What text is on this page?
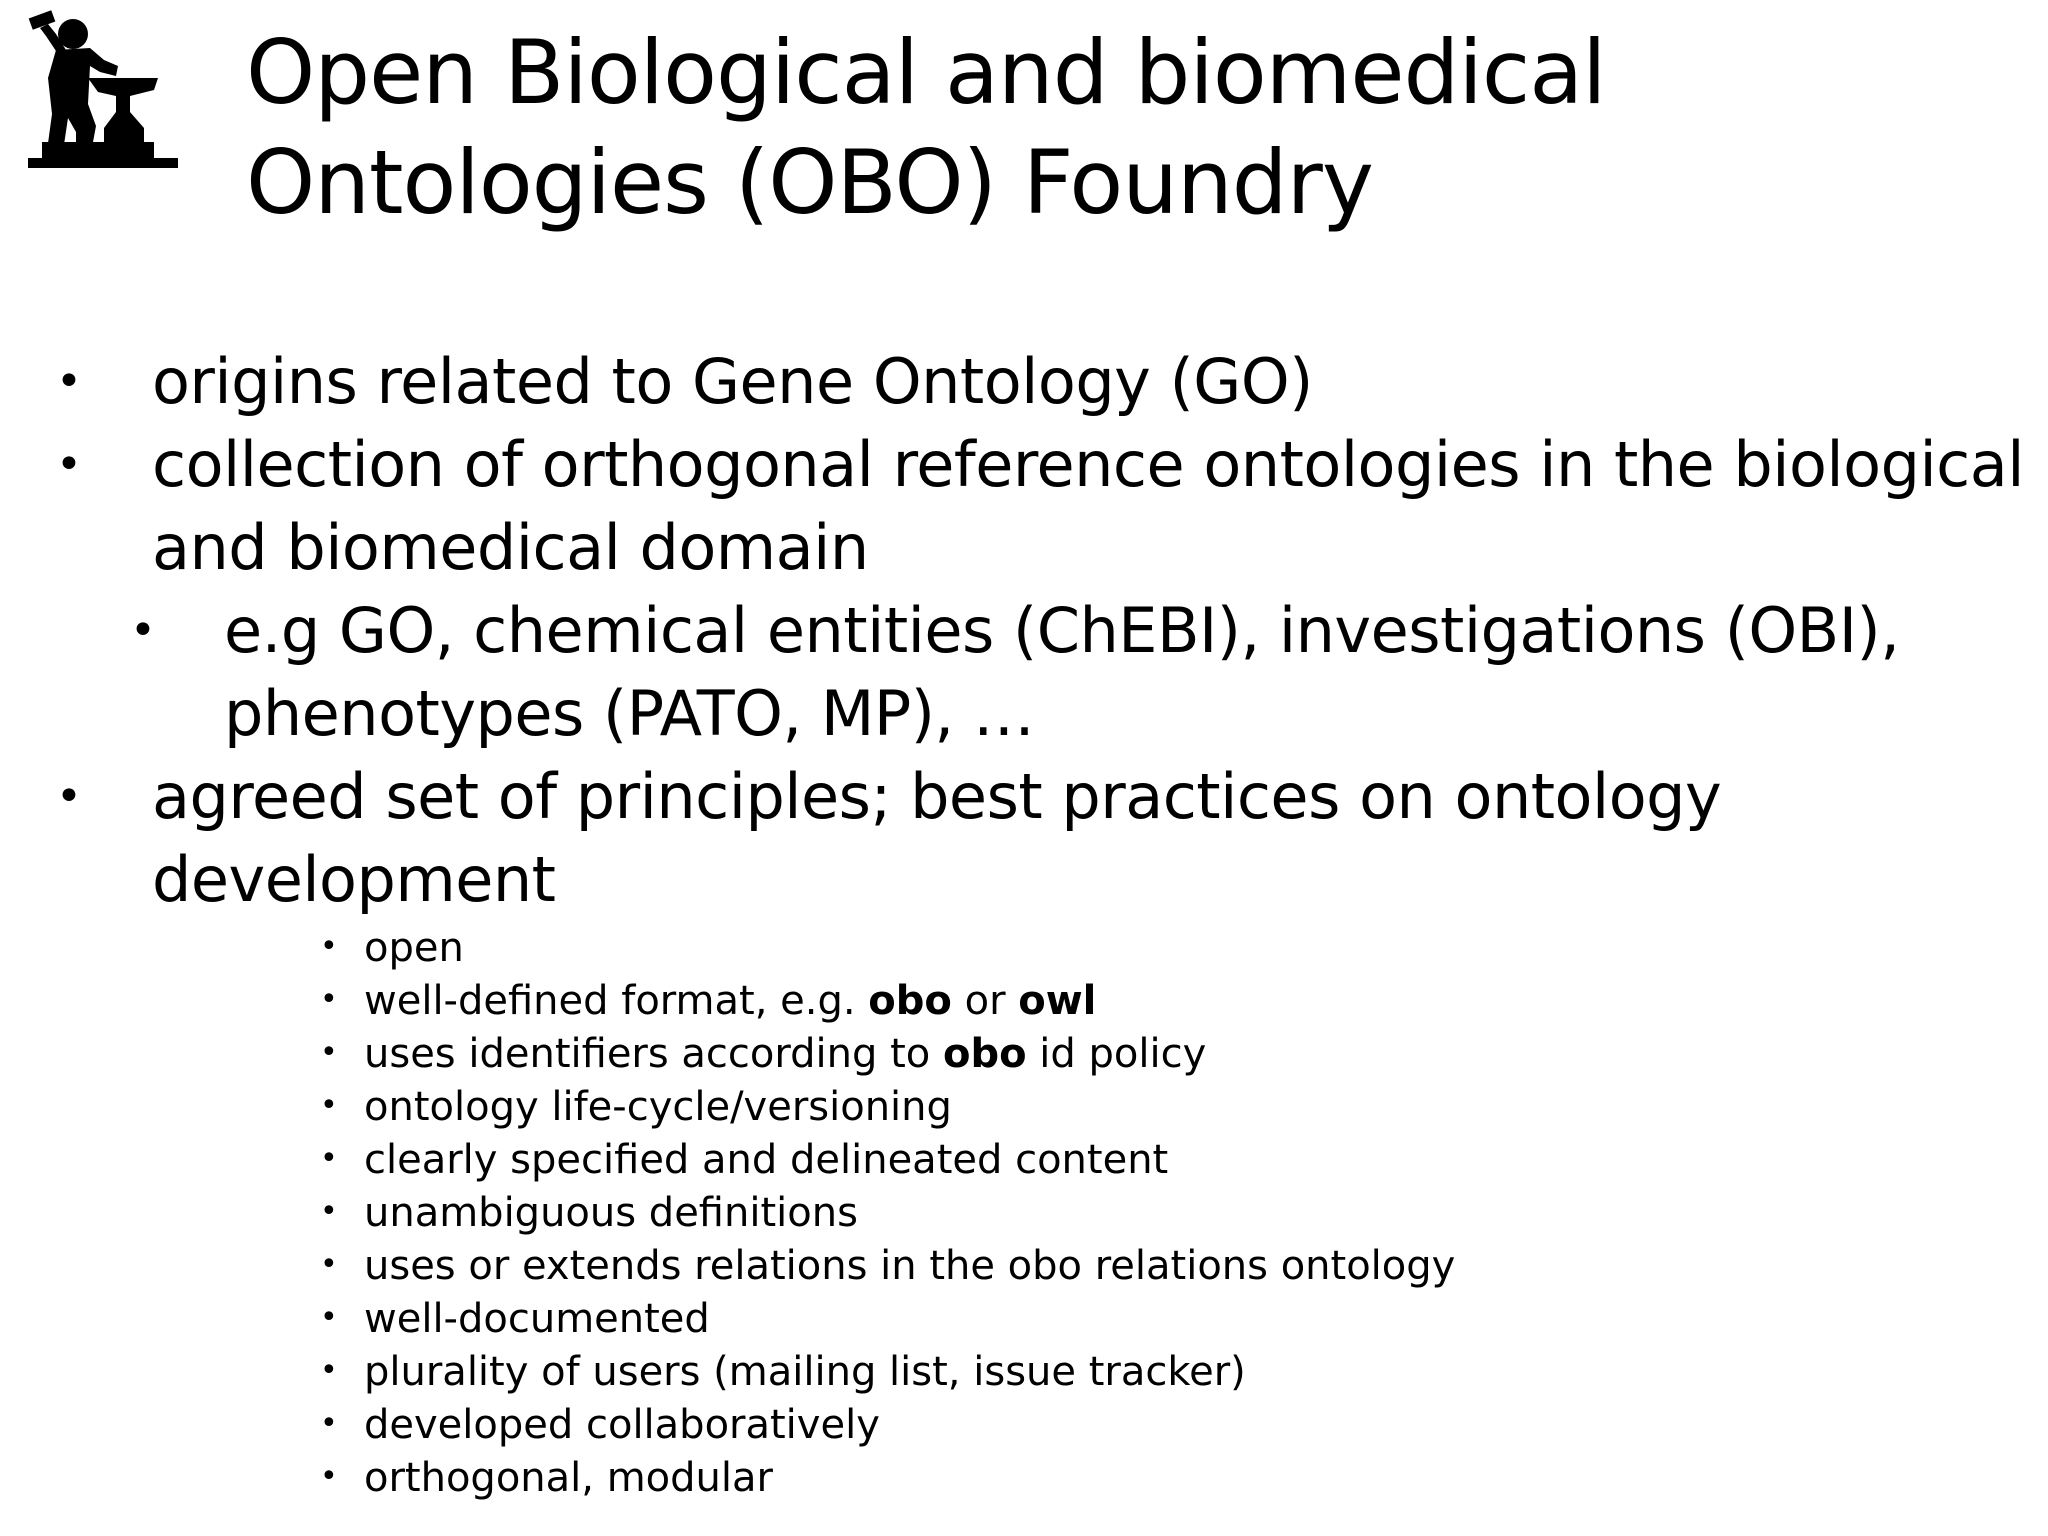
Open Biological and biomedical
Ontologies (OBO) Foundry
• origins related to Gene Ontology (GO)
• collection of orthogonal reference ontologies in the biological and biomedical domain
• e.g GO, chemical entities (ChEBI), investigations (OBI), phenotypes (PATO, MP), …
• agreed set of principles; best practices on ontology development
• open
• well-defined format, e.g. obo or owl
• uses identifiers according to obo id policy
• ontology life-cycle/versioning
• clearly specified and delineated content
• unambiguous definitions
• uses or extends relations in the obo relations ontology
• well-documented
• plurality of users (mailing list, issue tracker)
• developed collaboratively
• orthogonal, modular
